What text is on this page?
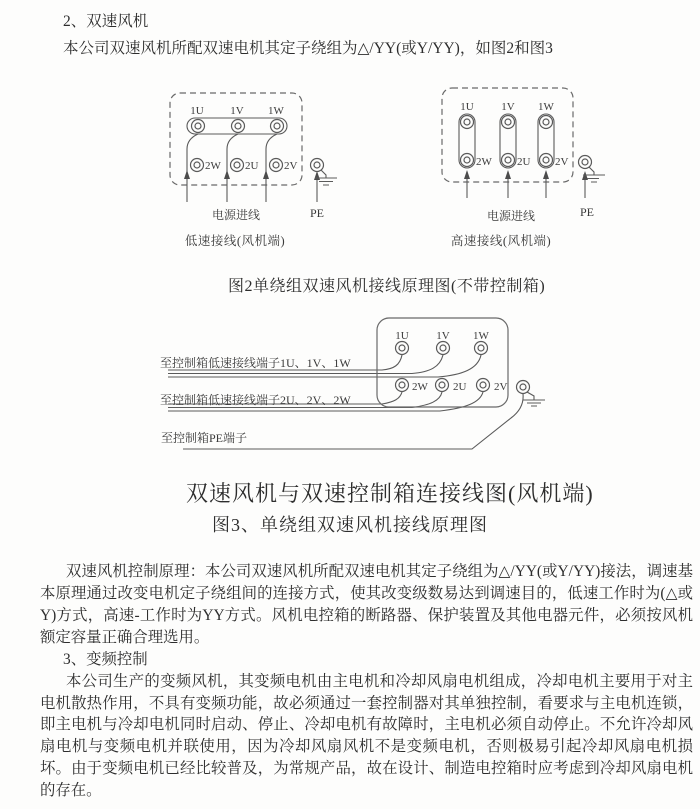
2、双速风机
本公司双速风机所配双速电机其定子绕组为△/YY(或Y/YY)，如图2和图3
1U 1V 1W
2W 2U 2V
电源进线	PE
低速接线(风机端)
1U	1V 1W
2W 2U 2V
电源进线	PE
高速接线(风机端)
图2单绕组双速风机接线原理图(不带控制箱)
1U	1V 1W
2W 2U	2V
至控制箱低速接线端子1U、1V、1W
至控制箱低速接线端子2U、2V、2W
至控制箱PE端子
双速风机与双速控制箱连接线图(风机端)
图3、单绕组双速风机接线原理图

双速风机控制原理：本公司双速风机所配双速电机其定子绕组为△/YY(或Y/YY)接法，调速基本原理通过改变电机定子绕组间的连接方式，使其改变级数易达到调速目的，低速工作时为(△或Y)方式，高速-工作时为YY方式。风机电控箱的断路器、保护装置及其他电器元件，必须按风机额定容量正确合理选用。

3、变频控制

本公司生产的变频风机，其变频电机由主电机和冷却风扇电机组成，冷却电机主要用于对主电机散热作用，不具有变频功能，故必须通过一套控制器对其单独控制，看要求与主电机连锁，即主电机与冷却电机同时启动、停止、冷却电机有故障时，主电机必须自动停止。不允许冷却风扇电机与变频电机并联使用，因为冷却风扇风机不是变频电机，否则极易引起冷却风扇电机损坏。由于变频电机已经比较普及，为常规产品，故在设计、制造电控箱时应考虑到冷却风扇电机的存在。
